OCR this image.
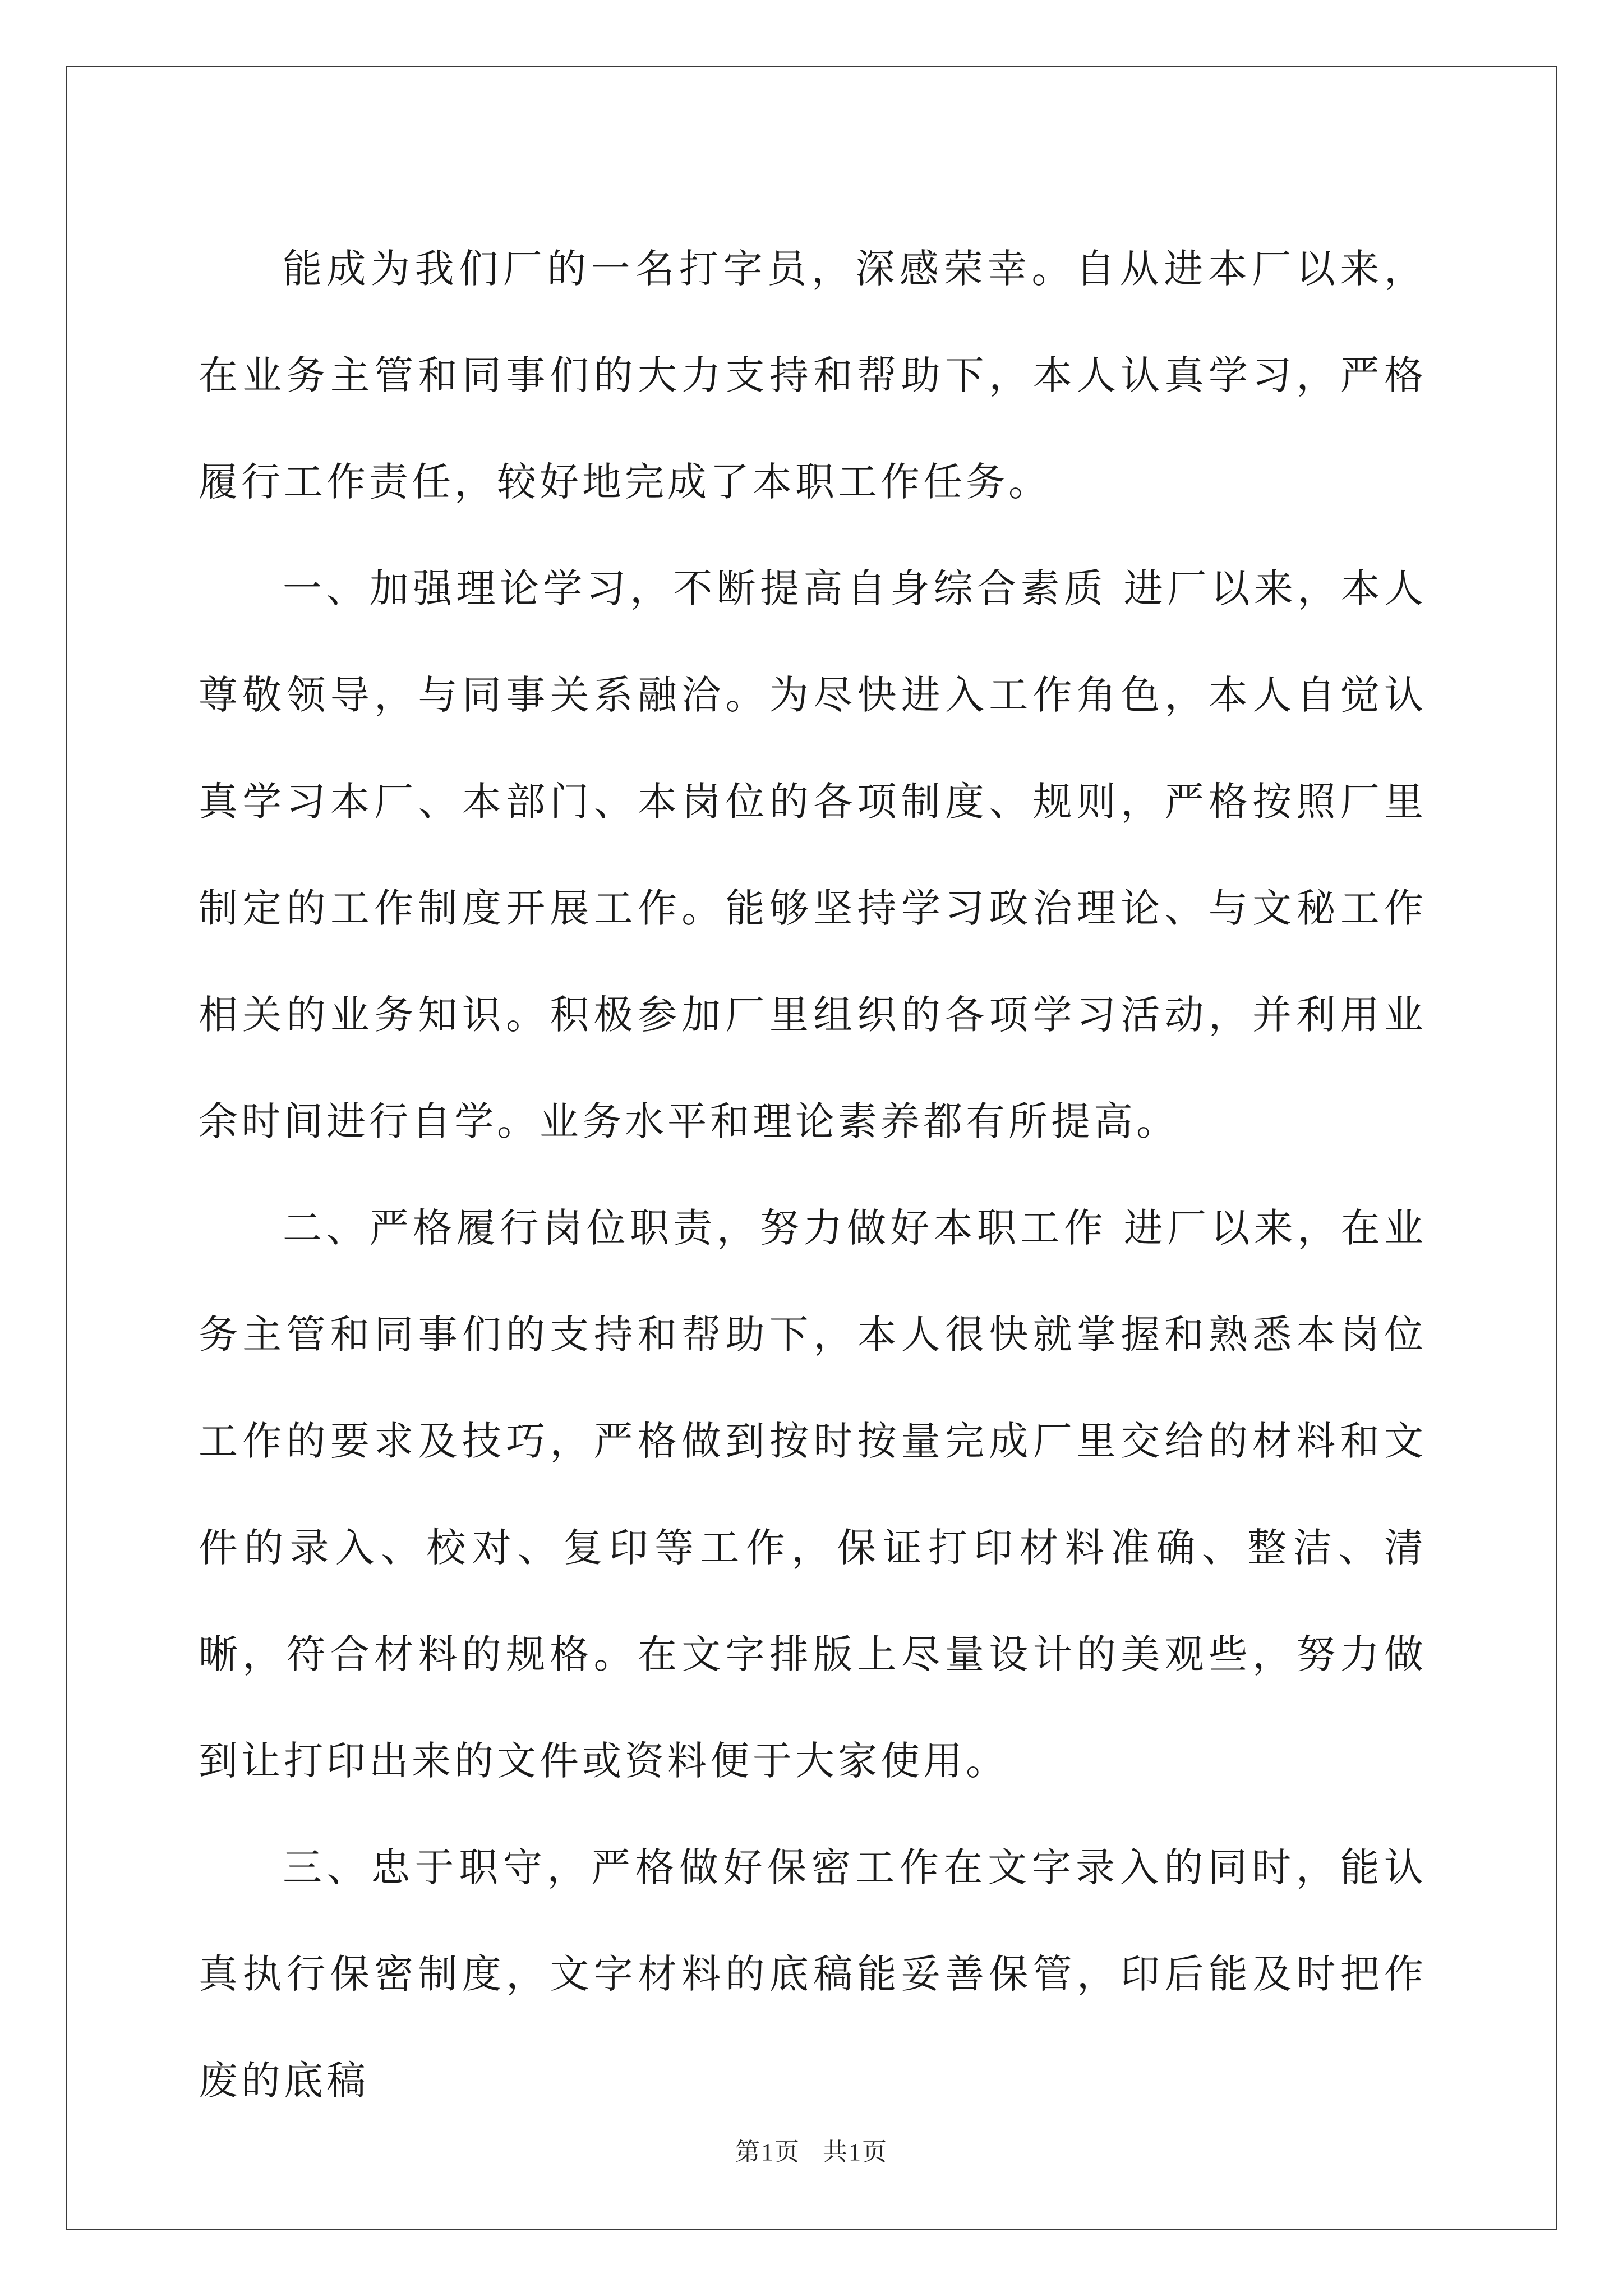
能成为我们厂的一名打字员，深感荣幸。自从进本厂以来，在业务主管和同事们的大力支持和帮助下，本人认真学习，严格履行工作责任，较好地完成了本职工作任务。

一、加强理论学习，不断提高自身综合素质 进厂以来，本人尊敬领导，与同事关系融洽。为尽快进入工作角色，本人自觉认真学习本厂、本部门、本岗位的各项制度、规则，严格按照厂里制定的工作制度开展工作。能够坚持学习政治理论、与文秘工作相关的业务知识。积极参加厂里组织的各项学习活动，并利用业余时间进行自学。业务水平和理论素养都有所提高。

二、严格履行岗位职责，努力做好本职工作 进厂以来，在业务主管和同事们的支持和帮助下，本人很快就掌握和熟悉本岗位工作的要求及技巧，严格做到按时按量完成厂里交给的材料和文件的录入、校对、复印等工作，保证打印材料准确、整洁、清晰，符合材料的规格。在文字排版上尽量设计的美观些，努力做到让打印出来的文件或资料便于大家使用。

三、忠于职守，严格做好保密工作在文字录入的同时，能认真执行保密制度，文字材料的底稿能妥善保管，印后能及时把作废的底稿

第1页 共1页
